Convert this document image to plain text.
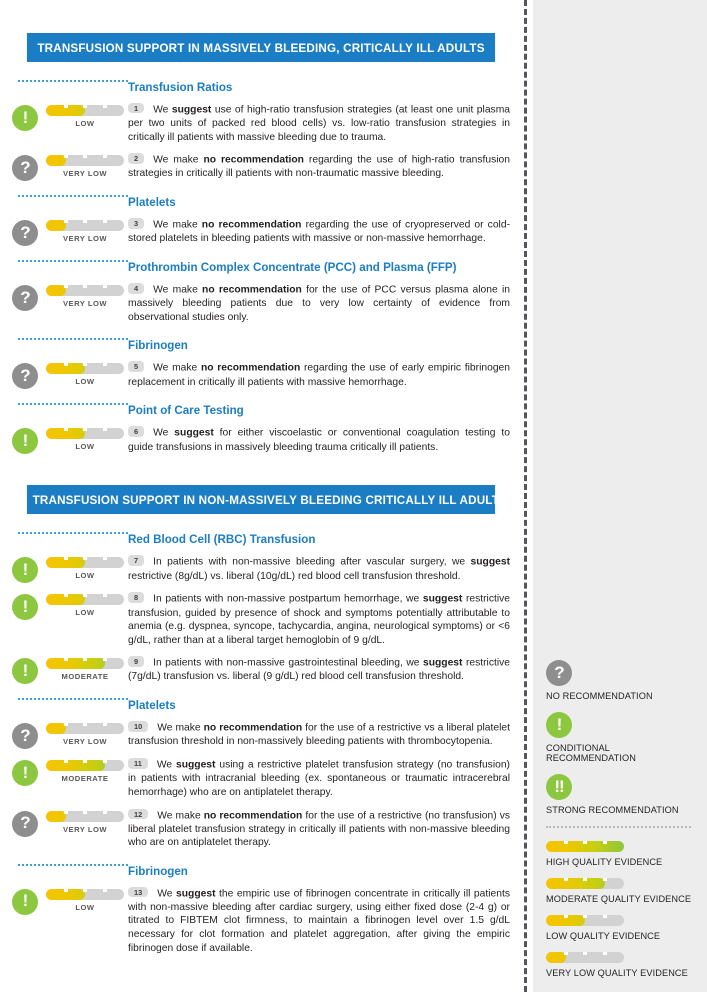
TRANSFUSION SUPPORT IN MASSIVELY BLEEDING, CRITICALLY ILL ADULTS
Transfusion Ratios
!	LOW
1 We suggest use of high-ratio transfusion strategies (at least one unit plasma per two units of packed red blood cells) vs. low-ratio transfusion strategies in critically ill patients with massive bleeding due to trauma.
?	VERY LOW
2 We make no recommendation regarding the use of high-ratio transfusion strategies in critically ill patients with non-traumatic massive bleeding.
Platelets
?	VERY LOW
3 We make no recommendation regarding the use of cryopreserved or cold-stored platelets in bleeding patients with massive or non-massive hemorrhage.
Prothrombin Complex Concentrate (PCC) and Plasma (FFP)
?	VERY LOW
4 We make no recommendation for the use of PCC versus plasma alone in massively bleeding patients due to very low certainty of evidence from observational studies only.
Fibrinogen
?	LOW
5 We make no recommendation regarding the use of early empiric fibrinogen replacement in critically ill patients with massive hemorrhage.
Point of Care Testing
!	LOW
6 We suggest for either viscoelastic or conventional coagulation testing to guide transfusions in massively bleeding trauma critically ill patients.
TRANSFUSION SUPPORT IN NON-MASSIVELY BLEEDING CRITICALLY ILL ADULTS
Red Blood Cell (RBC) Transfusion
!	LOW
7 In patients with non-massive bleeding after vascular surgery, we suggest restrictive (8g/dL) vs. liberal (10g/dL) red blood cell transfusion threshold.
!	LOW
8 In patients with non-massive postpartum hemorrhage, we suggest restrictive transfusion, guided by presence of shock and symptoms potentially attributable to anemia (e.g. dyspnea, syncope, tachycardia, angina, neurological symptoms) or <6 g/dL, rather than at a liberal target hemoglobin of 9 g/dL.
!	MODERATE
9 In patients with non-massive gastrointestinal bleeding, we suggest restrictive (7g/dL) transfusion vs. liberal (9 g/dL) red blood cell transfusion threshold.
Platelets
?	VERY LOW
10 We make no recommendation for the use of a restrictive vs a liberal platelet transfusion threshold in non-massively bleeding patients with thrombocytopenia.
!	MODERATE
11 We suggest using a restrictive platelet transfusion strategy (no transfusion) in patients with intracranial bleeding (ex. spontaneous or traumatic intracerebral hemorrhage) who are on antiplatelet therapy.
?	VERY LOW
12 We make no recommendation for the use of a restrictive (no transfusion) vs liberal platelet transfusion strategy in critically ill patients with non-massive bleeding who are on antiplatelet therapy.
Fibrinogen
!	LOW
13 We suggest the empiric use of fibrinogen concentrate in critically ill patients with non-massive bleeding after cardiac surgery, using either fixed dose (2-4 g) or titrated to FIBTEM clot firmness, to maintain a fibrinogen level over 1.5 g/dL necessary for clot formation and platelet aggregation, after giving the empiric fibrinogen dose if available.
?
NO RECOMMENDATION
!
CONDITIONAL RECOMMENDATION
!!
STRONG RECOMMENDATION
HIGH QUALITY EVIDENCE
MODERATE QUALITY EVIDENCE
LOW QUALITY EVIDENCE
VERY LOW QUALITY EVIDENCE
